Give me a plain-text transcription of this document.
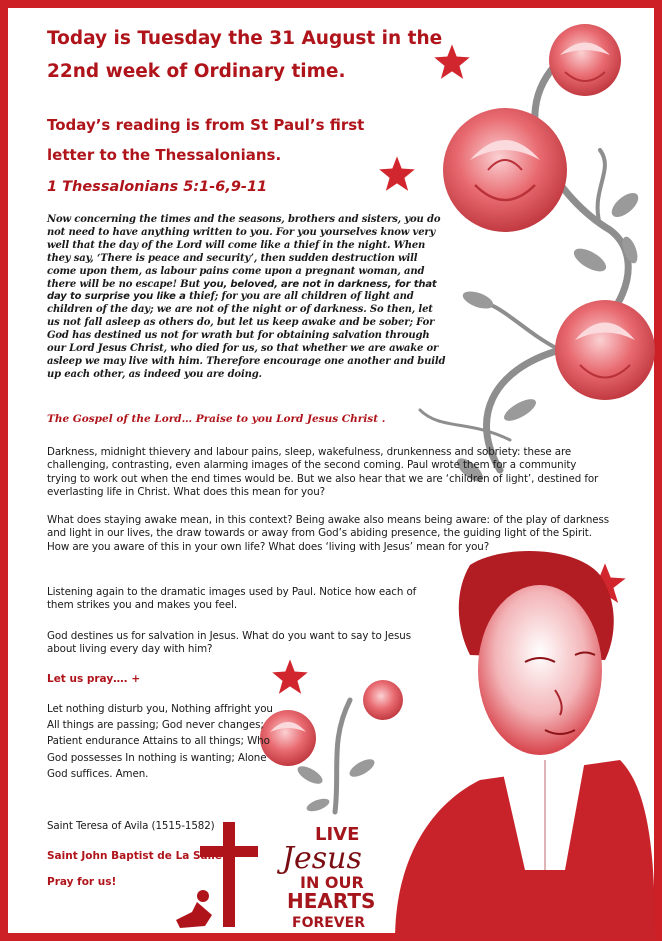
LIVE
Jesus
IN OUR
HEARTS
FOREVER
Today is Tuesday the 31 August in the 22nd week of Ordinary time.
Today’s reading is from St Paul’s first letter to the Thessalonians.

1 Thessalonians 5:1-6,9-11

Now concerning the times and the seasons, brothers and sisters, you do not need to have anything written to you. For you yourselves know very well that the day of the Lord will come like a thief in the night. When they say, ‘There is peace and security’, then sudden destruction will come upon them, as labour pains come upon a pregnant woman, and there will be no escape! But you, beloved, are not in darkness, for that day to surprise you like a thief; for you are all children of light and children of the day; we are not of the night or of darkness. So then, let us not fall asleep as others do, but let us keep awake and be sober; For God has destined us not for wrath but for obtaining salvation through our Lord Jesus Christ, who died for us, so that whether we are awake or asleep we may live with him. Therefore encourage one another and build up each other, as indeed you are doing.

The Gospel of the Lord… Praise to you Lord Jesus Christ .

Darkness, midnight thievery and labour pains, sleep, wakefulness, drunkenness and sobriety: these are challenging, contrasting, even alarming images of the second coming. Paul wrote them for a community trying to work out when the end times would be. But we also hear that we are ‘children of light’, destined for everlasting life in Christ. What does this mean for you?

What does staying awake mean, in this context? Being awake also means being aware: of the play of darkness and light in our lives, the draw towards or away from God’s abiding presence, the guiding light of the Spirit. How are you aware of this in your own life? What does ‘living with Jesus’ mean for you?

Listening again to the dramatic images used by Paul. Notice how each of them strikes you and makes you feel.

God destines us for salvation in Jesus. What do you want to say to Jesus about living every day with him?

Let us pray…. +

Let nothing disturb you, Nothing affright you All things are passing; God never changes; Patient endurance Attains to all things; Who God possesses In nothing is wanting; Alone God suffices. Amen.

Saint Teresa of Avila (1515-1582)

Saint John Baptist de La Salle

Pray for us!
